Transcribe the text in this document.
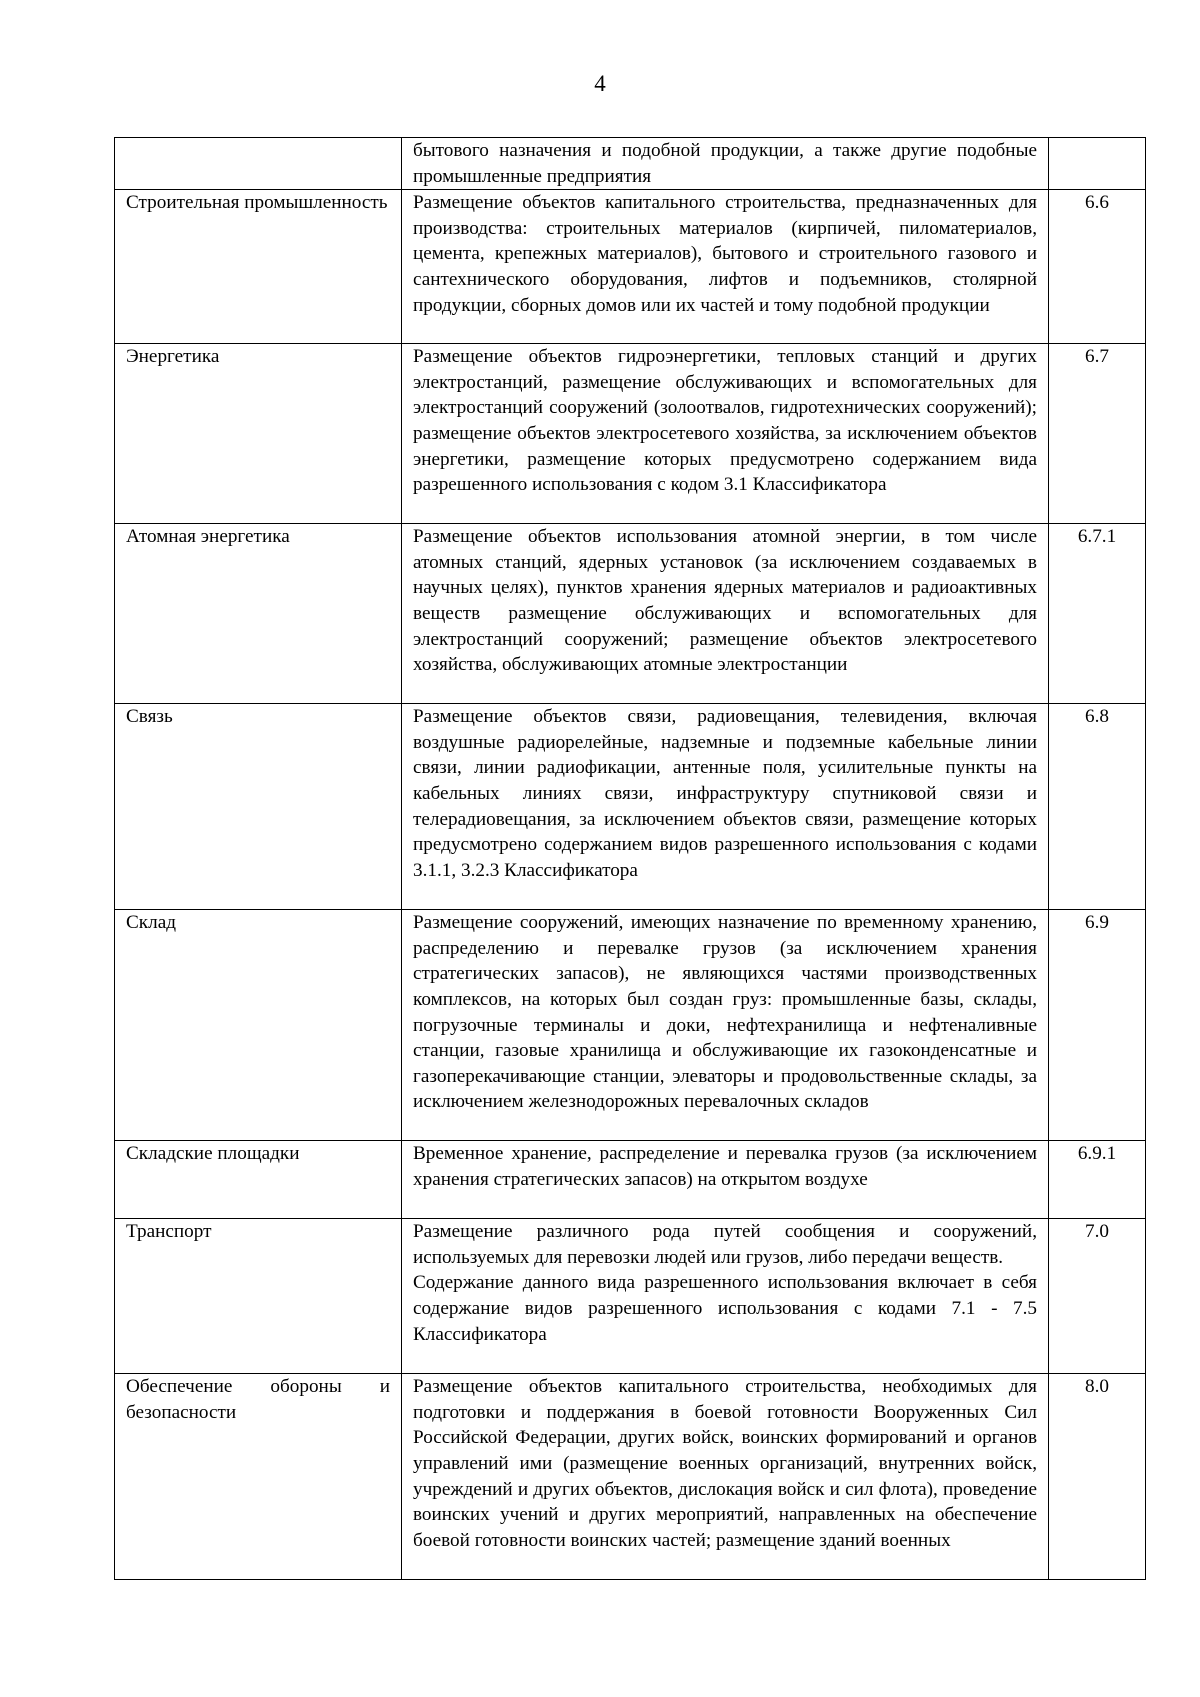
4

	бытового назначения и подобной продукции, а также другие подобные промышленные предприятия	

Строительная промышленность	Размещение объектов капитального строительства, предназначенных для производства: строительных материалов (кирпичей, пиломатериалов, цемента, крепежных материалов), бытового и строительного газового и сантехнического оборудования, лифтов и подъемников, столярной продукции, сборных домов или их частей и тому подобной продукции	6.6
Энергетика	Размещение объектов гидроэнергетики, тепловых станций и других электростанций, размещение обслуживающих и вспомогательных для электростанций сооружений (золоотвалов, гидротехнических сооружений); размещение объектов электросетевого хозяйства, за исключением объектов энергетики, размещение которых предусмотрено содержанием вида разрешенного использования с кодом 3.1 Классификатора	6.7
Атомная энергетика	Размещение объектов использования атомной энергии, в том числе атомных станций, ядерных установок (за исключением создаваемых в научных целях), пунктов хранения ядерных материалов и радиоактивных веществ размещение обслуживающих и вспомогательных для электростанций сооружений; размещение объектов электросетевого хозяйства, обслуживающих атомные электростанции	6.7.1
Связь	Размещение объектов связи, радиовещания, телевидения, включая воздушные радиорелейные, надземные и подземные кабельные линии связи, линии радиофикации, антенные поля, усилительные пункты на кабельных линиях связи, инфраструктуру спутниковой связи и телерадиовещания, за исключением объектов связи, размещение которых предусмотрено содержанием видов разрешенного использования с кодами 3.1.1, 3.2.3 Классификатора	6.8
Склад	Размещение сооружений, имеющих назначение по временному хранению, распределению и перевалке грузов (за исключением хранения стратегических запасов), не являющихся частями производственных комплексов, на которых был создан груз: промышленные базы, склады, погрузочные терминалы и доки, нефтехранилища и нефтеналивные станции, газовые хранилища и обслуживающие их газоконденсатные и газоперекачивающие станции, элеваторы и продовольственные склады, за исключением железнодорожных перевалочных складов	6.9
Складские площадки	Временное хранение, распределение и перевалка грузов (за исключением хранения стратегических запасов) на открытом воздухе	6.9.1
Транспорт	Размещение различного рода путей сообщения и сооружений, используемых для перевозки людей или грузов, либо передачи веществ.
Содержание данного вида разрешенного использования включает в себя содержание видов разрешенного использования с кодами 7.1 - 7.5 Классификатора	7.0
Обеспечение обороны и безопасности	Размещение объектов капитального строительства, необходимых для подготовки и поддержания в боевой готовности Вооруженных Сил Российской Федерации, других войск, воинских формирований и органов управлений ими (размещение военных организаций, внутренних войск, учреждений и других объектов, дислокация войск и сил флота), проведение воинских учений и других мероприятий, направленных на обеспечение боевой готовности воинских частей; размещение зданий военных	8.0
